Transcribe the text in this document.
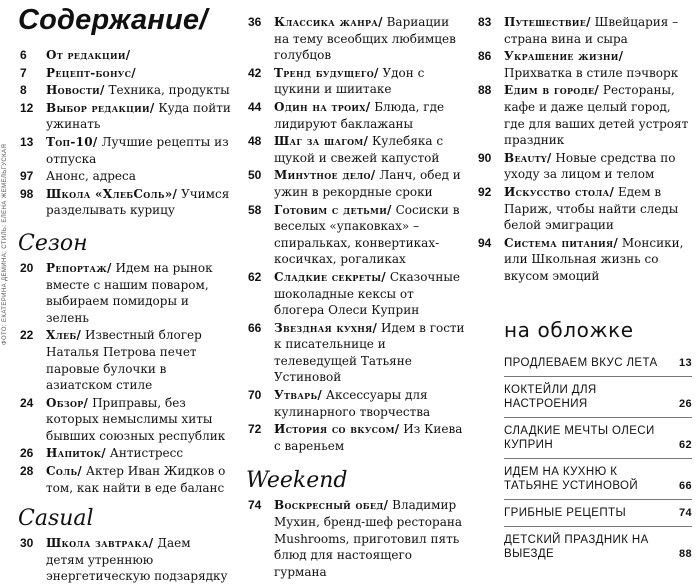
ФОТО: ЕКАТЕРИНА ДЕМИНА; СТИЛЬ: ЕЛЕНА ЖЕМЕЛЬГУСКАЯ
Содержание/
6 От редакции/
7 Рецепт-бонус/
8 Новости/ Техника, продукты
12 Выбор редакции/ Куда пойти ужинать
13 Топ-10/ Лучшие рецепты из отпуска
97 Анонс, адреса
98 Школа «ХлебСоль»/ Учимся разделывать курицу
Сезон
20 Репортаж/ Идем на рынок вместе с нашим поваром, выбираем помидоры и зелень
22 Хлеб/ Известный блогер Наталья Петрова печет паровые булочки в азиатском стиле
24 Обзор/ Приправы, без которых немыслимы хиты бывших союзных республик
26 Напиток/ Антистресс
28 Соль/ Актер Иван Жидков о том, как найти в еде баланс
Casual
30 Школа завтрака/ Даем детям утреннюю энергетическую подзарядку
36 Классика жанра/ Вариации на тему всеобщих любимцев голубцов
42 Тренд будущего/ Удон с цукини и шиитаке
44 Один на троих/ Блюда, где лидируют баклажаны
48 Шаг за шагом/ Кулебяка с щукой и свежей капустой
50 Минутное дело/ Ланч, обед и ужин в рекордные сроки
58 Готовим с детьми/ Сосиски в веселых «упаковках» – спиральках, конвертиках-косичках, рогаликах
62 Сладкие секреты/ Сказочные шоколадные кексы от блогера Олеси Куприн
66 Звездная кухня/ Идем в гости к писательнице и телеведущей Татьяне Устиновой
70 Утварь/ Аксессуары для кулинарного творчества
72 История со вкусом/ Из Киева с вареньем
Weekend
74 Воскресный обед/ Владимир Мухин, бренд-шеф ресторана Mushrooms, приготовил пять блюд для настоящего гурмана
83 Путешествие/ Швейцария – страна вина и сыра
86 Украшение жизни/ Прихватка в стиле пэчворк
88 Едим в городе/ Рестораны, кафе и даже целый город, где для ваших детей устроят праздник
90 Beauty/ Новые средства по уходу за лицом и телом
92 Искусство стола/ Едем в Париж, чтобы найти следы белой эмиграции
94 Система питания/ Монсики, или Школьная жизнь со вкусом эмоций
на обложке
ПРОДЛЕВАЕМ ВКУС ЛЕТА	13
КОКТЕЙЛИ ДЛЯ НАСТРОЕНИЯ	26
СЛАДКИЕ МЕЧТЫ ОЛЕСИ КУПРИН	62
ИДЕМ НА КУХНЮ К ТАТЬЯНЕ УСТИНОВОЙ	66
ГРИБНЫЕ РЕЦЕПТЫ	74
ДЕТСКИЙ ПРАЗДНИК НА ВЫЕЗДЕ	88
